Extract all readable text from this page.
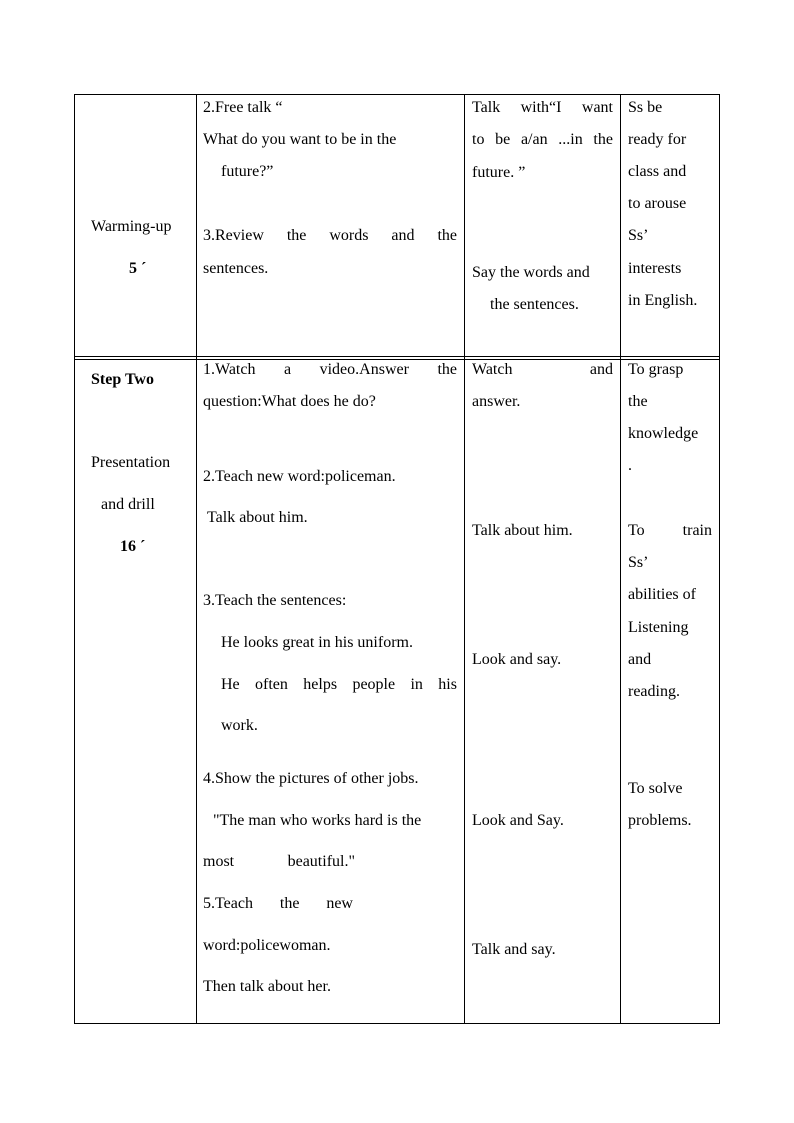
Warming-up
5 ´
2.Free talk “
What do you want to be in the
future?”
3.Review the words and the
sentences.
Talk with“I want
to be a/an ...in the
future. ”
Say the words and
the sentences.
Ss be
ready for
class and
to arouse
Ss’
interests
in English.
Step Two
Presentation
and drill
16 ´
1.Watch a video.Answer the
question:What does he do?
2.Teach new word:policeman.
Talk about him.
3.Teach the sentences:
He looks great in his uniform.
He often helps people in his
work.
4.Show the pictures of other jobs.
"The man who works hard is the
most	beautiful."
5.Teach the new
word:policewoman.
Then talk about her.
Watch	and
answer.
Talk about him.
Look and say.
Look and Say.
Talk and say.
To grasp
the
knowledge
.
To train
Ss’
abilities of
Listening
and
reading.
To solve
problems.
